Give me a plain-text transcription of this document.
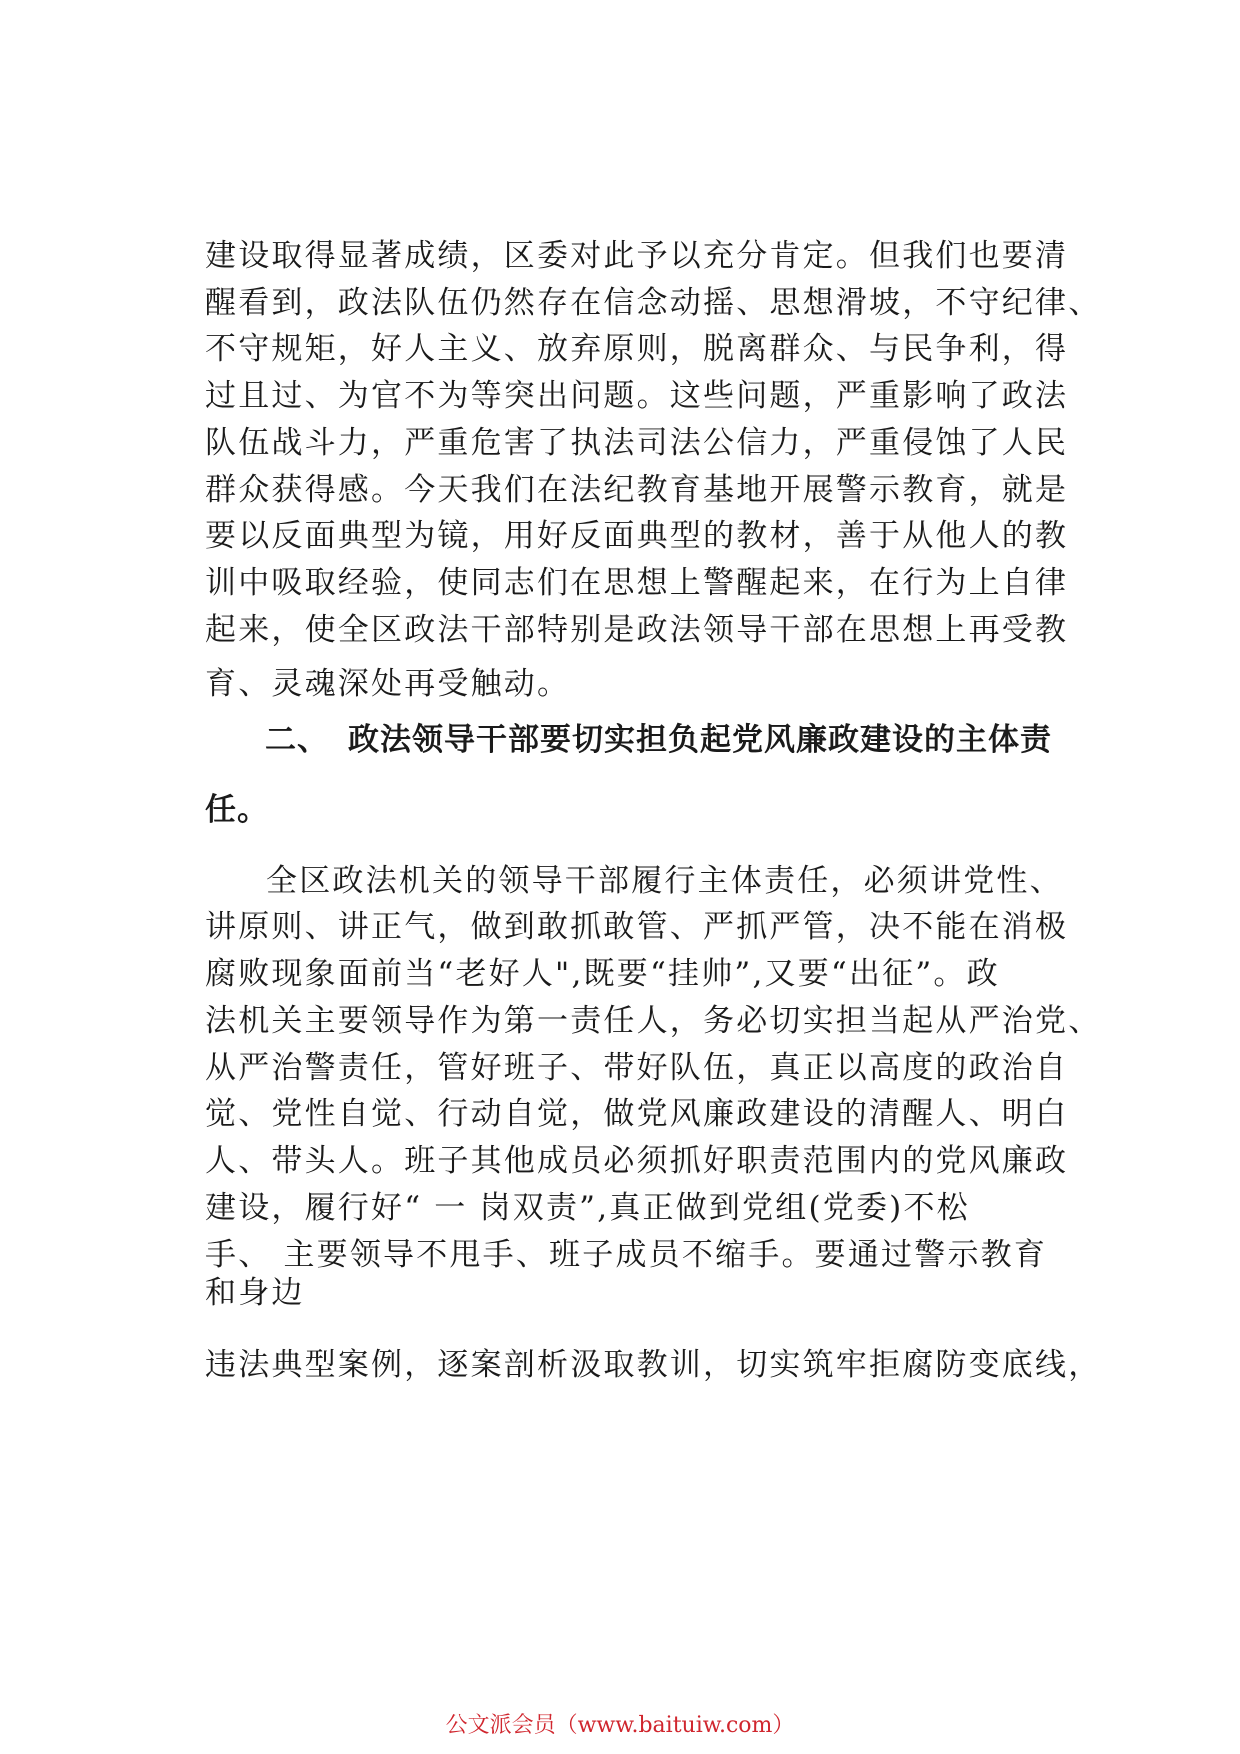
建设取得显著成绩，区委对此予以充分肯定。但我们也要清
醒看到，政法队伍仍然存在信念动摇、思想滑坡，不守纪律、
不守规矩，好人主义、放弃原则，脱离群众、与民争利，得
过且过、为官不为等突出问题。这些问题，严重影响了政法
队伍战斗力，严重危害了执法司法公信力，严重侵蚀了人民
群众获得感。今天我们在法纪教育基地开展警示教育，就是
要以反面典型为镜，用好反面典型的教材，善于从他人的教
训中吸取经验，使同志们在思想上警醒起来，在行为上自律
起来，使全区政法干部特别是政法领导干部在思想上再受教
育、灵魂深处再受触动。
二、 政法领导干部要切实担负起党风廉政建设的主体责
任。
全区政法机关的领导干部履行主体责任，必须讲党性、
讲原则、讲正气，做到敢抓敢管、严抓严管，决不能在消极
腐败现象面前当“老好人",既要“挂帅”,又要“出征”。政
法机关主要领导作为第一责任人，务必切实担当起从严治党、
从严治警责任，管好班子、带好队伍，真正以高度的政治自
觉、党性自觉、行动自觉，做党风廉政建设的清醒人、明白
人、带头人。班子其他成员必须抓好职责范围内的党风廉政
建设，履行好“ 一 岗双责”,真正做到党组(党委)不松
手、 主要领导不甩手、班子成员不缩手。要通过警示教育
和身边
违法典型案例，逐案剖析汲取教训，切实筑牢拒腐防变底线，
公文派会员（www.baituiw.com）
